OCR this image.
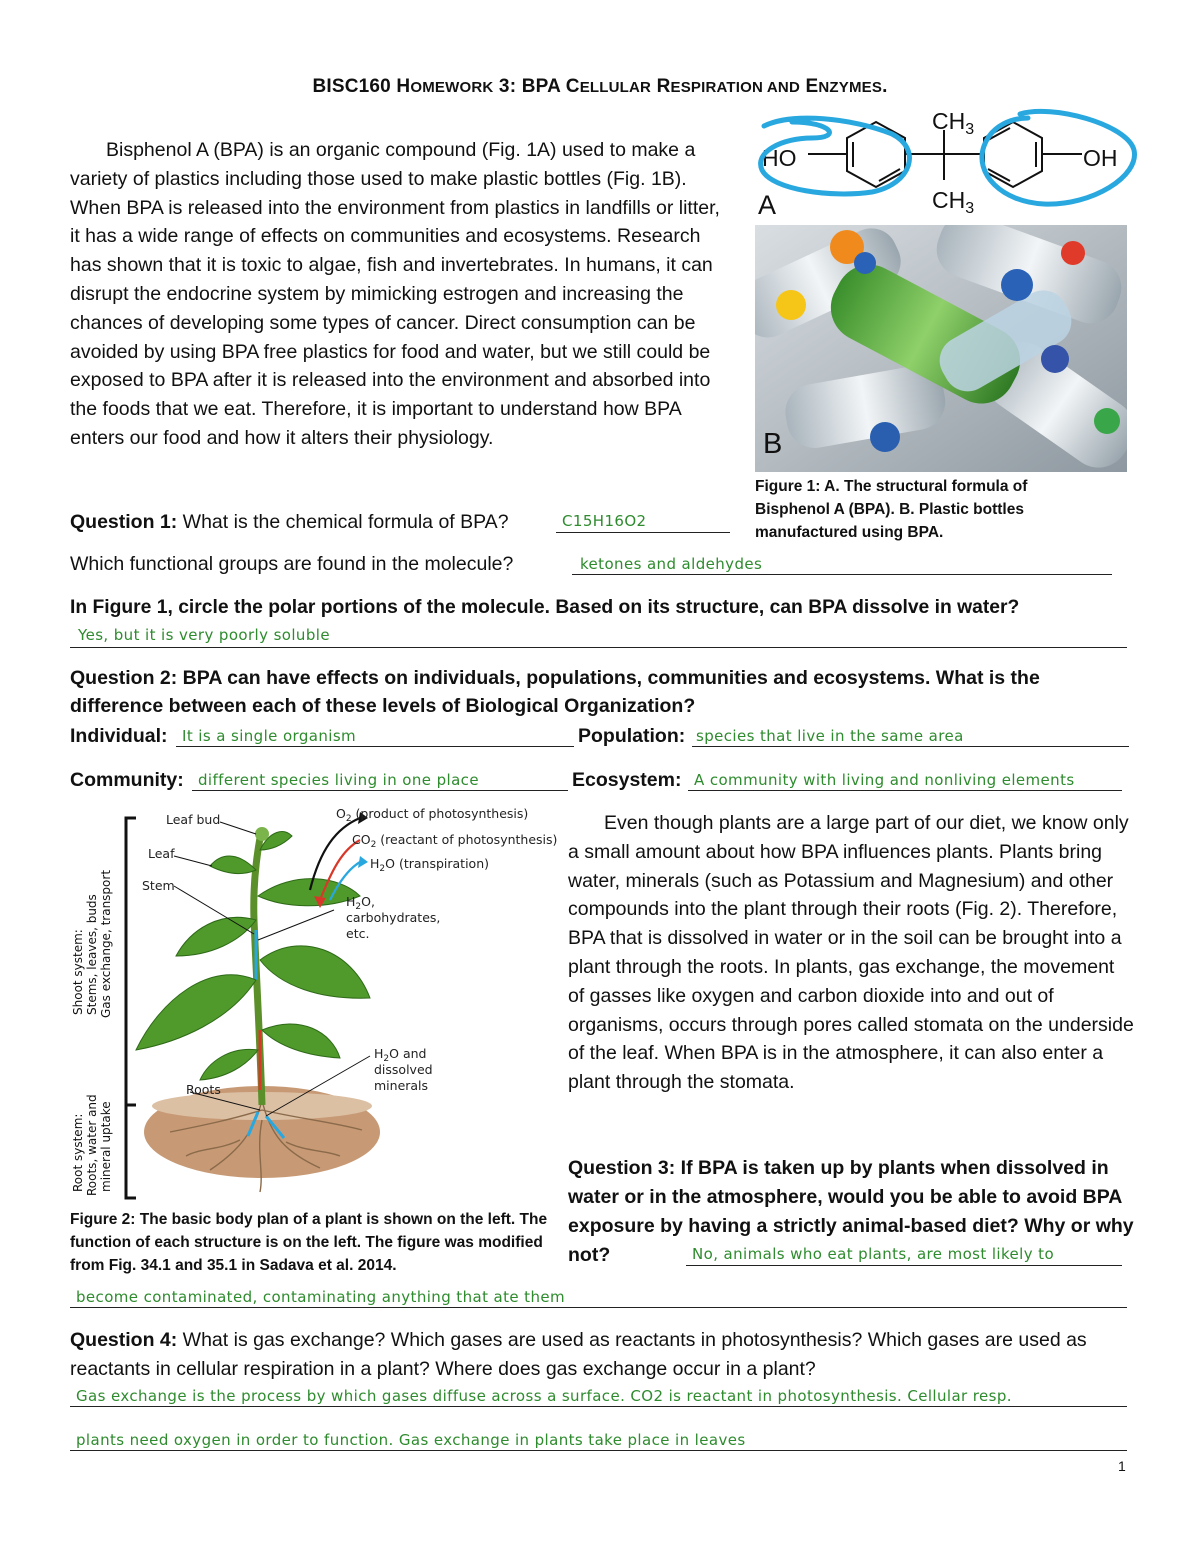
BISC160 HOMEWORK 3: BPA CELLULAR RESPIRATION AND ENZYMES.

Bisphenol A (BPA) is an organic compound (Fig. 1A) used to make a variety of plastics including those used to make plastic bottles (Fig. 1B). When BPA is released into the environment from plastics in landfills or litter, it has a wide range of effects on communities and ecosystems. Research has shown that it is toxic to algae, fish and invertebrates. In humans, it can disrupt the endocrine system by mimicking estrogen and increasing the chances of developing some types of cancer. Direct consumption can be avoided by using BPA free plastics for food and water, but we still could be exposed to BPA after it is released into the environment and absorbed into the foods that we eat. Therefore, it is important to understand how BPA enters our food and how it alters their physiology.

HO	OH
$CH_3$
$CH_3$
A
B
Figure 1: A. The structural formula of Bisphenol A (BPA). B. Plastic bottles manufactured using BPA.
Question 1: What is the chemical formula of BPA?	C15H16O2
Which functional groups are found in the molecule?	ketones and aldehydes
In Figure 1, circle the polar portions of the molecule. Based on its structure, can BPA dissolve in water?
Yes, but it is very poorly soluble
Question 2: BPA can have effects on individuals, populations, communities and ecosystems. What is the difference between each of these levels of Biological Organization?
Individual: It is a single organism	Population: species that live in the same area
Community: different species living in one place	Ecosystem: A community with living and nonliving elements
Shoot system: Stems, leaves, buds Gas exchange, transport
Root system: Roots, water and mineral uptake
Leaf bud
Leaf
Stem
Roots
$O_2$ (product of photosynthesis)
$CO_2$ (reactant of photosynthesis)
$H_2O$ (transpiration)
$H_2O$,
carbohydrates,
etc.
$H_2O$ and
dissolved
minerals
Figure 2: The basic body plan of a plant is shown on the left. The function of each structure is on the left. The figure was modified from Fig. 34.1 and 35.1 in Sadava et al. 2014.
Even though plants are a large part of our diet, we know only a small amount about how BPA influences plants. Plants bring water, minerals (such as Potassium and Magnesium) and other compounds into the plant through their roots (Fig. 2). Therefore, BPA that is dissolved in water or in the soil can be brought into a plant through the roots. In plants, gas exchange, the movement of gasses like oxygen and carbon dioxide into and out of organisms, occurs through pores called stomata on the underside of the leaf. When BPA is in the atmosphere, it can also enter a plant through the stomata.
Question 3: If BPA is taken up by plants when dissolved in water or in the atmosphere, would you be able to avoid BPA exposure by having a strictly animal-based diet? Why or why not?	No, animals who eat plants, are most likely to
become contaminated, contaminating anything that ate them
Question 4: What is gas exchange? Which gases are used as reactants in photosynthesis? Which gases are used as reactants in cellular respiration in a plant? Where does gas exchange occur in a plant?
Gas exchange is the process by which gases diffuse across a surface. CO2 is reactant in photosynthesis. Cellular resp.
plants need oxygen in order to function. Gas exchange in plants take place in leaves
1
